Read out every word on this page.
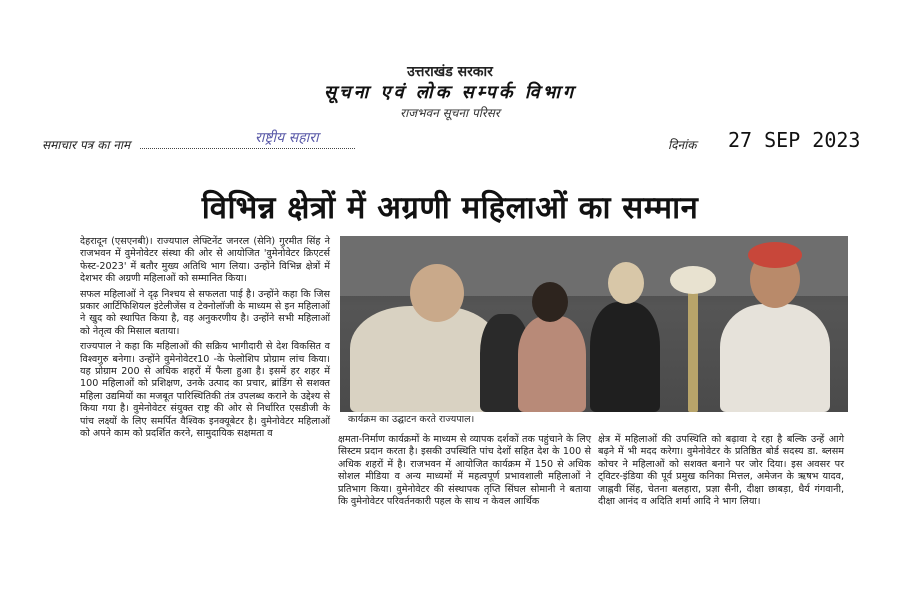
उत्तराखंड सरकार
सूचना एवं लोक सम्पर्क विभाग
राजभवन सूचना परिसर
समाचार पत्र का नाम	राष्ट्रीय सहारा	दिनांक 27 SEP 2023
विभिन्न क्षेत्रों में अग्रणी महिलाओं का सम्मान

देहरादून (एसएनबी)। राज्यपाल लेफ्टिनेंट जनरल (सेनि) गुरमीत सिंह ने राजभवन में वुमेनोवेटर संस्था की ओर से आयोजित 'वुमेनोवेटर क्रिएटर्स फेस्ट-2023' में बतौर मुख्य अतिथि भाग लिया। उन्होंने विभिन्न क्षेत्रों में देशभर की अग्रणी महिलाओं को सम्मानित किया।

सफल महिलाओं ने दृढ़ निश्चय से सफलता पाई है। उन्होंने कहा कि जिस प्रकार आर्टिफिशियल इंटेलीजेंस व टेक्नोलॉजी के माध्यम से इन महिलाओं ने खुद को स्थापित किया है, वह अनुकरणीय है। उन्होंने सभी महिलाओं को नेतृत्व की मिसाल बताया।

राज्यपाल ने कहा कि महिलाओं की सक्रिय भागीदारी से देश विकसित व विश्वगुरु बनेगा। उन्होंने वुमेनोवेटर10 -के फेलोशिप प्रोग्राम लांच किया। यह प्रोग्राम 200 से अधिक शहरों में फैला हुआ है। इसमें हर शहर में 100 महिलाओं को प्रशिक्षण, उनके उत्पाद का प्रचार, ब्रांडिंग से सशक्त महिला उद्यमियों का मजबूत पारिस्थितिकी तंत्र उपलब्ध कराने के उद्देश्य से किया गया है। वुमेनोवेटर संयुक्त राष्ट्र की ओर से निर्धारित एसडीजी के पांच लक्ष्यों के लिए समर्पित वैश्विक इनक्यूबेटर है। वुमेनोवेटर महिलाओं को अपने काम को प्रदर्शित करने, सामुदायिक सक्षमता व

कार्यक्रम का उद्घाटन करते राज्यपाल।

क्षमता-निर्माण कार्यक्रमों के माध्यम से व्यापक दर्शकों तक पहुंचाने के लिए सिस्टम प्रदान करता है। इसकी उपस्थिति पांच देशों सहित देश के 100 से अधिक शहरों में है। राजभवन में आयोजित कार्यक्रम में 150 से अधिक सोशल मीडिया व अन्य माध्यमों में महत्वपूर्ण प्रभावशाली महिलाओं ने प्रतिभाग किया। वुमेनोवेटर की संस्थापक तृप्ति सिंघल सोमानी ने बताया कि वुमेनोवेटर परिवर्तनकारी पहल के साथ न केवल आर्थिक

क्षेत्र में महिलाओं की उपस्थिति को बढ़ावा दे रहा है बल्कि उन्हें आगे बढ़ने में भी मदद करेगा। वुमेनोवेटर के प्रतिष्ठित बोर्ड सदस्य डा. ब्लसम कोचर ने महिलाओं को सशक्त बनाने पर जोर दिया। इस अवसर पर ट्विटर-इंडिया की पूर्व प्रमुख कनिका मित्तल, अमेजन के ऋषभ यादव, जाह्नवी सिंह, चेतना बलहारा, प्रज्ञा सैनी, दीक्षा छाबड़ा, धैर्य गंगवानी, दीक्षा आनंद व अदिति शर्मा आदि ने भाग लिया।
